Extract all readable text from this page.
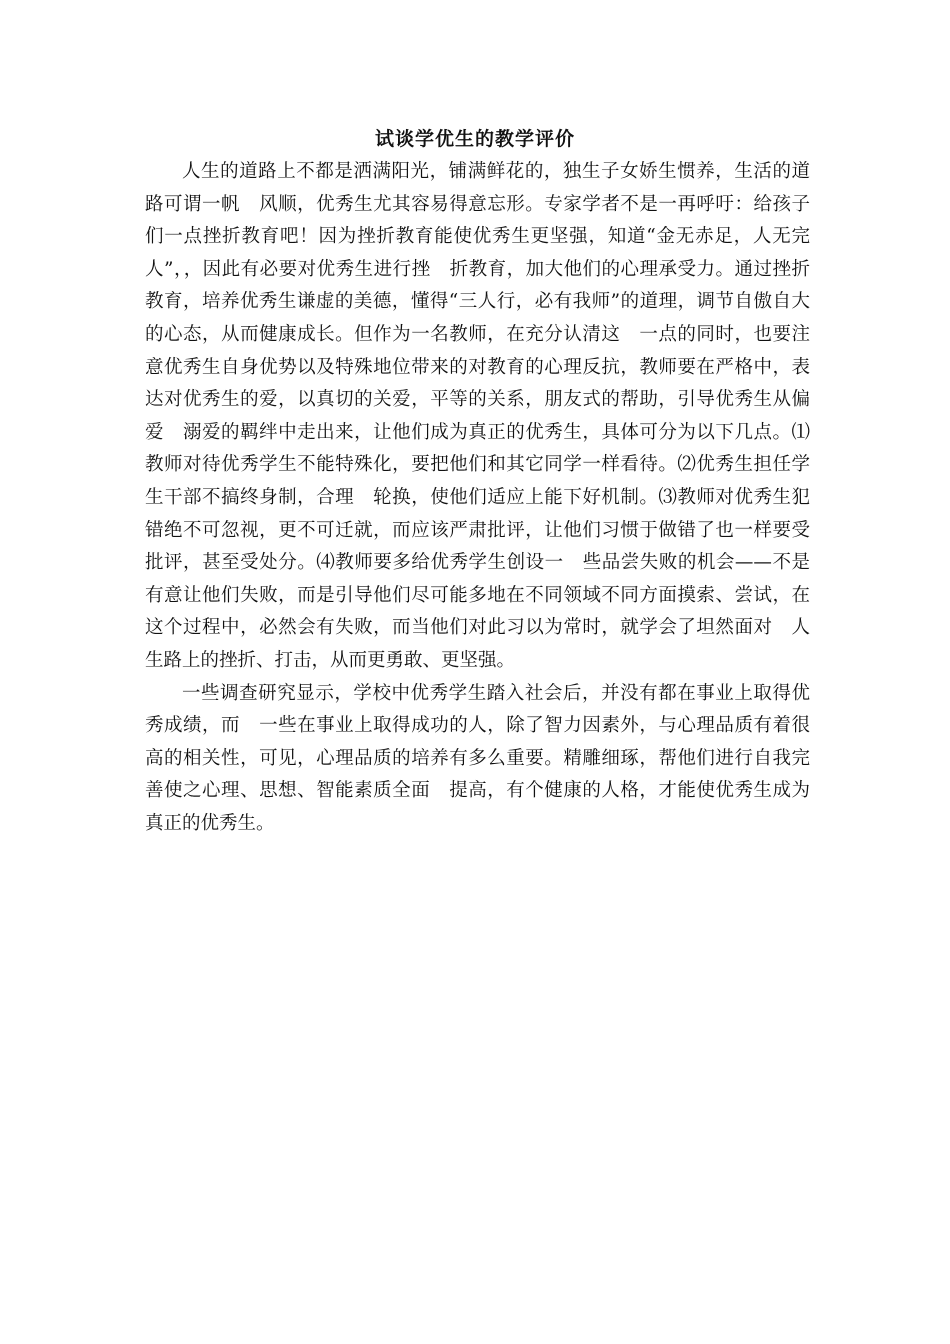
试谈学优生的教学评价

人生的道路上不都是洒满阳光，铺满鲜花的，独生子女娇生惯养，生活的道路可谓一帆　风顺，优秀生尤其容易得意忘形。专家学者不是一再呼吁：给孩子们一点挫折教育吧！因为挫折教育能使优秀生更坚强，知道“金无赤足，人无完人”，，因此有必要对优秀生进行挫　折教育，加大他们的心理承受力。通过挫折教育，培养优秀生谦虚的美德，懂得“三人行，必有我师”的道理，调节自傲自大的心态，从而健康成长。但作为一名教师，在充分认清这　一点的同时，也要注意优秀生自身优势以及特殊地位带来的对教育的心理反抗，教师要在严格中，表达对优秀生的爱，以真切的关爱，平等的关系，朋友式的帮助，引导优秀生从偏爱　溺爱的羁绊中走出来，让他们成为真正的优秀生，具体可分为以下几点。⑴教师对待优秀学生不能特殊化，要把他们和其它同学一样看待。⑵优秀生担任学生干部不搞终身制，合理　轮换，使他们适应上能下好机制。⑶教师对优秀生犯错绝不可忽视，更不可迁就，而应该严肃批评，让他们习惯于做错了也一样要受批评，甚至受处分。⑷教师要多给优秀学生创设一　些品尝失败的机会——不是有意让他们失败，而是引导他们尽可能多地在不同领域不同方面摸索、尝试，在这个过程中，必然会有失败，而当他们对此习以为常时，就学会了坦然面对　人生路上的挫折、打击，从而更勇敢、更坚强。

一些调查研究显示，学校中优秀学生踏入社会后，并没有都在事业上取得优秀成绩，而　一些在事业上取得成功的人，除了智力因素外，与心理品质有着很高的相关性，可见，心理品质的培养有多么重要。精雕细琢，帮他们进行自我完善使之心理、思想、智能素质全面　提高，有个健康的人格，才能使优秀生成为真正的优秀生。
